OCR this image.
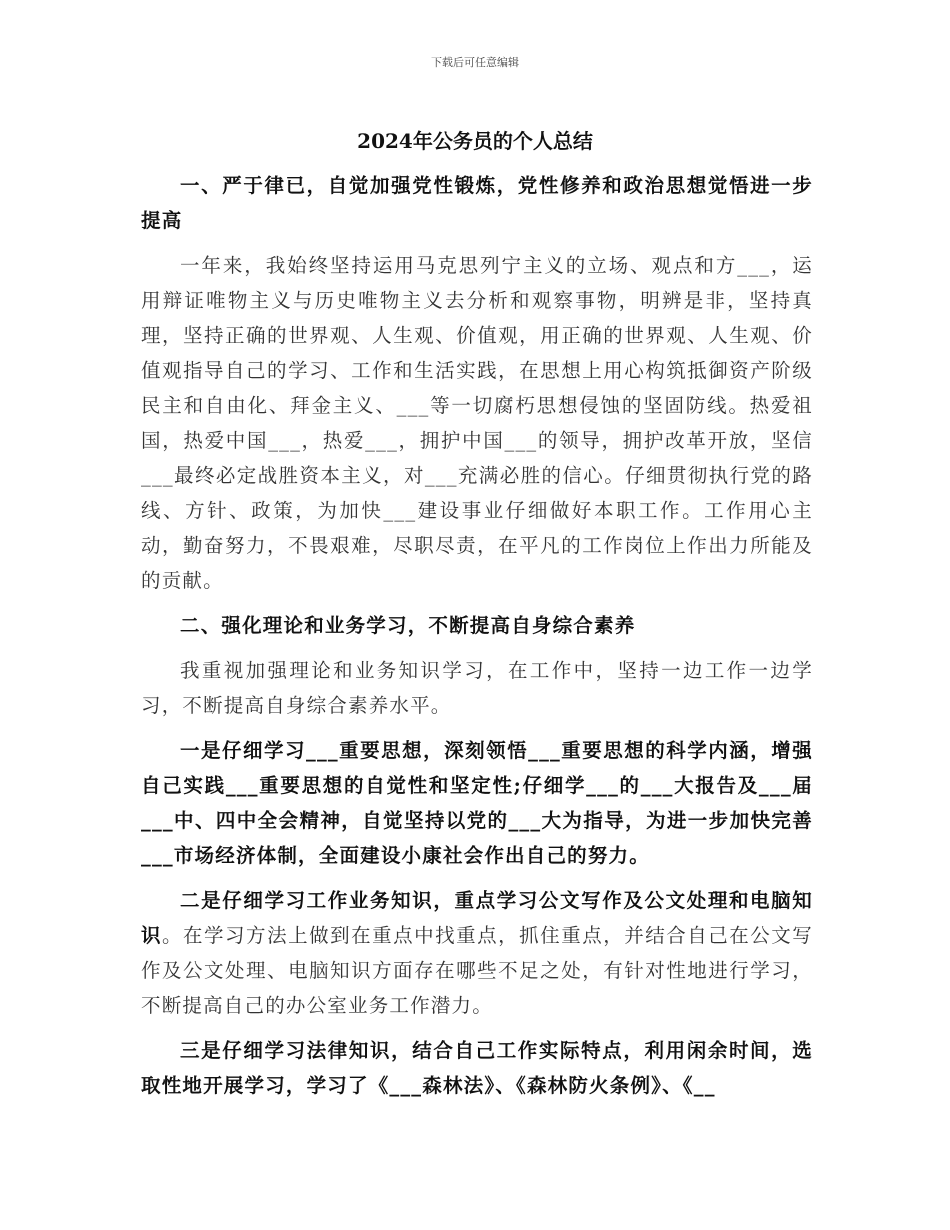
下载后可任意编辑
2024年公务员的个人总结

一、严于律已，自觉加强党性锻炼，党性修养和政治思想觉悟进一步提高

一年来，我始终坚持运用马克思列宁主义的立场、观点和方___，运用辩证唯物主义与历史唯物主义去分析和观察事物，明辨是非，坚持真理，坚持正确的世界观、人生观、价值观，用正确的世界观、人生观、价值观指导自己的学习、工作和生活实践，在思想上用心构筑抵御资产阶级民主和自由化、拜金主义、___等一切腐朽思想侵蚀的坚固防线。热爱祖国，热爱中国___，热爱___，拥护中国___的领导，拥护改革开放，坚信___最终必定战胜资本主义，对___充满必胜的信心。仔细贯彻执行党的路线、方针、政策，为加快___建设事业仔细做好本职工作。工作用心主动，勤奋努力，不畏艰难，尽职尽责，在平凡的工作岗位上作出力所能及的贡献。

二、强化理论和业务学习，不断提高自身综合素养

我重视加强理论和业务知识学习，在工作中，坚持一边工作一边学习，不断提高自身综合素养水平。

一是仔细学习___重要思想，深刻领悟___重要思想的科学内涵，增强自己实践___重要思想的自觉性和坚定性;仔细学___的___大报告及___届___中、四中全会精神，自觉坚持以党的___大为指导，为进一步加快完善___市场经济体制，全面建设小康社会作出自己的努力。

二是仔细学习工作业务知识，重点学习公文写作及公文处理和电脑知识。在学习方法上做到在重点中找重点，抓住重点，并结合自己在公文写作及公文处理、电脑知识方面存在哪些不足之处，有针对性地进行学习，不断提高自己的办公室业务工作潜力。

三是仔细学习法律知识，结合自己工作实际特点，利用闲余时间，选取性地开展学习，学习了《___森林法》、《森林防火条例》、《__
